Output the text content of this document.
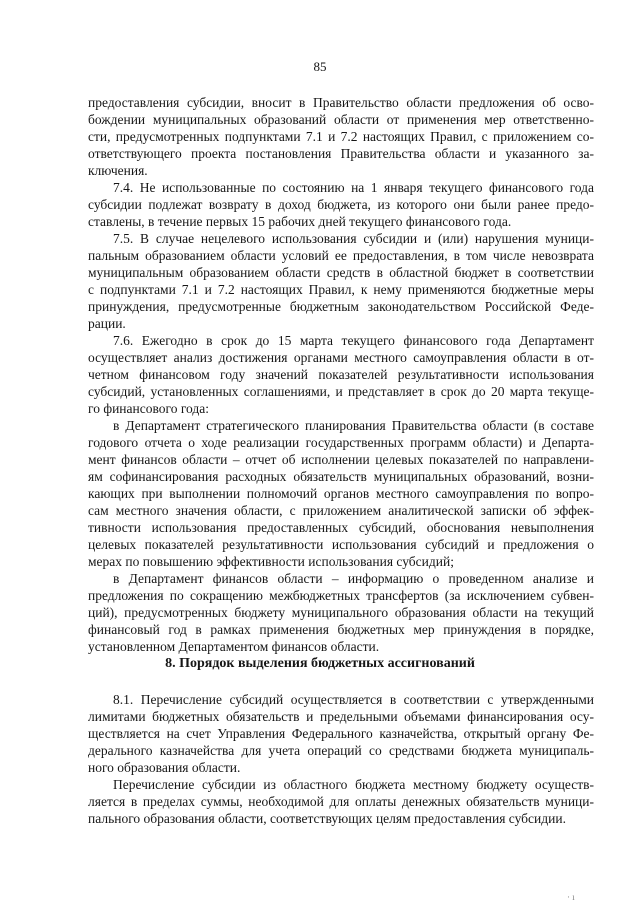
85
предоставления субсидии, вносит в Правительство области предложения об осво-
бождении муниципальных образований области от применения мер ответственно-
сти, предусмотренных подпунктами 7.1 и 7.2 настоящих Правил, с приложением со-
ответствующего проекта постановления Правительства области и указанного за-
ключения.
7.4. Не использованные по состоянию на 1 января текущего финансового года
субсидии подлежат возврату в доход бюджета, из которого они были ранее предо-
ставлены, в течение первых 15 рабочих дней текущего финансового года.
7.5. В случае нецелевого использования субсидии и (или) нарушения муници-
пальным образованием области условий ее предоставления, в том числе невозврата
муниципальным образованием области средств в областной бюджет в соответствии
с подпунктами 7.1 и 7.2 настоящих Правил, к нему применяются бюджетные меры
принуждения, предусмотренные бюджетным законодательством Российской Феде-
рации.
7.6. Ежегодно в срок до 15 марта текущего финансового года Департамент
осуществляет анализ достижения органами местного самоуправления области в от-
четном финансовом году значений показателей результативности использования
субсидий, установленных соглашениями, и представляет в срок до 20 марта текуще-
го финансового года:
в Департамент стратегического планирования Правительства области (в составе
годового отчета о ходе реализации государственных программ области) и Департа-
мент финансов области – отчет об исполнении целевых показателей по направлени-
ям софинансирования расходных обязательств муниципальных образований, возни-
кающих при выполнении полномочий органов местного самоуправления по вопро-
сам местного значения области, с приложением аналитической записки об эффек-
тивности использования предоставленных субсидий, обоснования невыполнения
целевых показателей результативности использования субсидий и предложения о
мерах по повышению эффективности использования субсидий;
в Департамент финансов области – информацию о проведенном анализе и
предложения по сокращению межбюджетных трансфертов (за исключением субвен-
ций), предусмотренных бюджету муниципального образования области на текущий
финансовый год в рамках применения бюджетных мер принуждения в порядке,
установленном Департаментом финансов области.
8. Порядок выделения бюджетных ассигнований
8.1. Перечисление субсидий осуществляется в соответствии с утвержденными
лимитами бюджетных обязательств и предельными объемами финансирования осу-
ществляется на счет Управления Федерального казначейства, открытый органу Фе-
дерального казначейства для учета операций со средствами бюджета муниципаль-
ного образования области.
Перечисление субсидии из областного бюджета местному бюджету осуществ-
ляется в пределах суммы, необходимой для оплаты денежных обязательств муници-
пального образования области, соответствующих целям предоставления субсидии.
· ı
